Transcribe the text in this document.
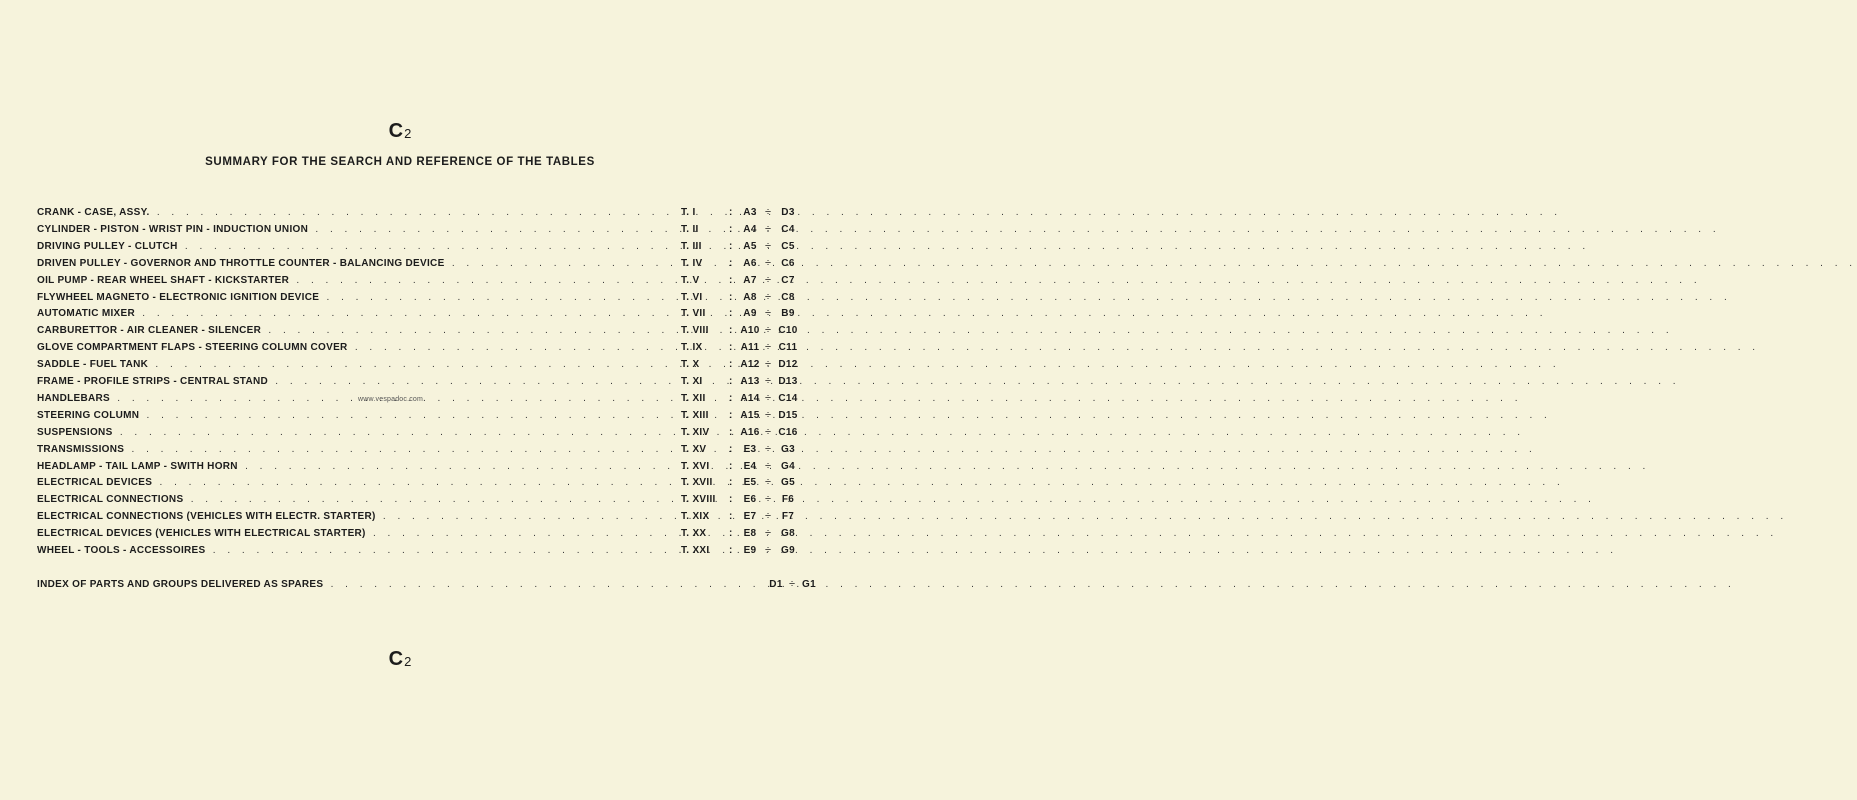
C2
SUMMARY FOR THE SEARCH AND REFERENCE OF THE TABLES
CRANK - CASE, ASSY. . . .	T. I	:	A3 ÷ D3
CYLINDER - PISTON - WRIST PIN - INDUCTION UNION . . .	T. II	:	A4 ÷ C4
DRIVING PULLEY - CLUTCH . . .	T. III	:	A5 ÷ C5
DRIVEN PULLEY - GOVERNOR AND THROTTLE COUNTER - BALANCING DEVICE . . .	T. IV	:	A6 ÷ C6
OIL PUMP - REAR WHEEL SHAFT - KICKSTARTER . . .	T. V	:	A7 ÷ C7
FLYWHEEL MAGNETO - ELECTRONIC IGNITION DEVICE . . .	T. VI	:	A8 ÷ C8
AUTOMATIC MIXER . . .	T. VII :	A9 ÷ B9
CARBURETTOR - AIR CLEANER - SILENCER . . .	T. VIII : A10 ÷ C10
GLOVE COMPARTMENT FLAPS - STEERING COLUMN COVER . . .	T. IX	: A11 ÷ C11
SADDLE - FUEL TANK . . .	T. X	: A12 ÷ D12
FRAME - PROFILE STRIPS - CENTRAL STAND . . .	T. XI	: A13 ÷ D13
HANDLEBARS . . .	T. XII : A14 ÷ C14
STEERING COLUMN . . .	T. XIII : A15 ÷ D15
SUSPENSIONS . . .	T. XIV : A16 ÷ C16
TRANSMISSIONS . . .	T. XV :	E3 ÷ G3
HEADLAMP - TAIL LAMP - SWITH HORN . . .	T. XVI :	E4 ÷ G4
ELECTRICAL DEVICES . . .	T. XVII :	E5 ÷ G5
ELECTRICAL CONNECTIONS . . .	T. XVIII :	E6 ÷	F6
ELECTRICAL CONNECTIONS (VEHICLES WITH ELECTR. STARTER) . . .	T. XIX :	E7 ÷	F7
ELECTRICAL DEVICES (VEHICLES WITH ELECTRICAL STARTER) . . .	T. XX :	E8 ÷ G8
WHEEL - TOOLS - ACCESSOIRES . . .	T. XXI :	E9 ÷ G9
www.vespadoc.com
INDEX OF PARTS AND GROUPS DELIVERED AS SPARES . . .	D1 ÷ G1
C2
